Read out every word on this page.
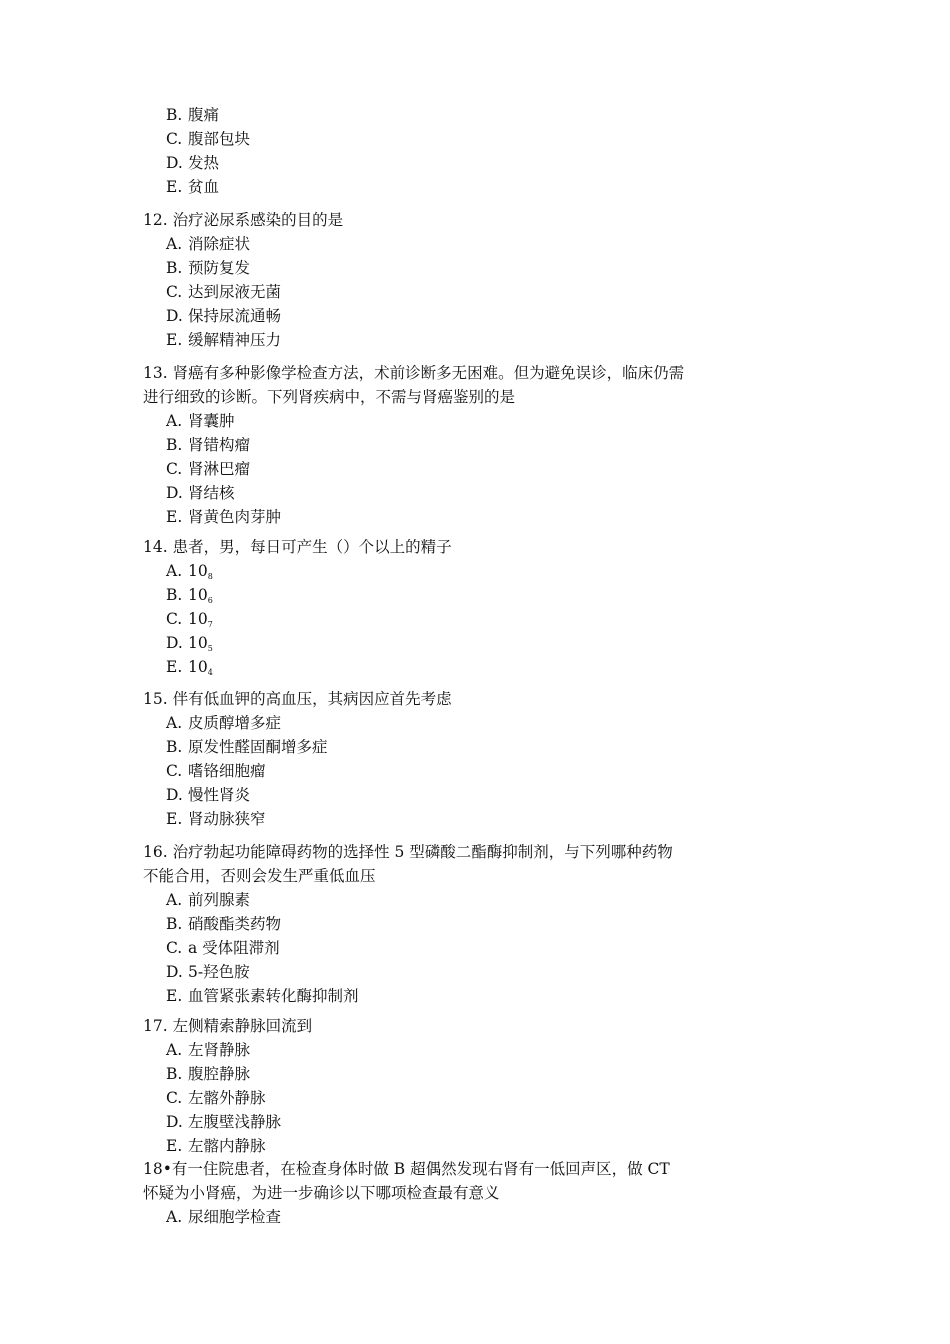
B. 腹痛
C. 腹部包块
D. 发热
E. 贫血

12. 治疗泌尿系感染的目的是

A. 消除症状
B. 预防复发
C. 达到尿液无菌
D. 保持尿流通畅
E. 缓解精神压力

13. 肾癌有多种影像学检查方法，术前诊断多无困难。但为避免误诊，临床仍需进行细致的诊断。下列肾疾病中，不需与肾癌鉴别的是

A. 肾囊肿
B. 肾错构瘤
C. 肾淋巴瘤
D. 肾结核
E. 肾黄色肉芽肿

14. 患者，男，每日可产生（）个以上的精子

A. $10_8$
B. $10_6$
C. $10_7$
D. $10_5$
E. $10_4$

15. 伴有低血钾的高血压，其病因应首先考虑

A. 皮质醇增多症
B. 原发性醛固酮增多症
C. 嗜铬细胞瘤
D. 慢性肾炎
E. 肾动脉狭窄

16. 治疗勃起功能障碍药物的选择性 5 型磷酸二酯酶抑制剂，与下列哪种药物不能合用，否则会发生严重低血压

A. 前列腺素
B. 硝酸酯类药物
C. a 受体阻滞剂
D. 5-羟色胺
E. 血管紧张素转化酶抑制剂

17. 左侧精索静脉回流到

A. 左肾静脉
B. 腹腔静脉
C. 左髂外静脉
D. 左腹壁浅静脉
E. 左髂内静脉

18•有一住院患者，在检查身体时做 B 超偶然发现右肾有一低回声区，做 CT 怀疑为小肾癌，为进一步确诊以下哪项检查最有意义

A. 尿细胞学检查
